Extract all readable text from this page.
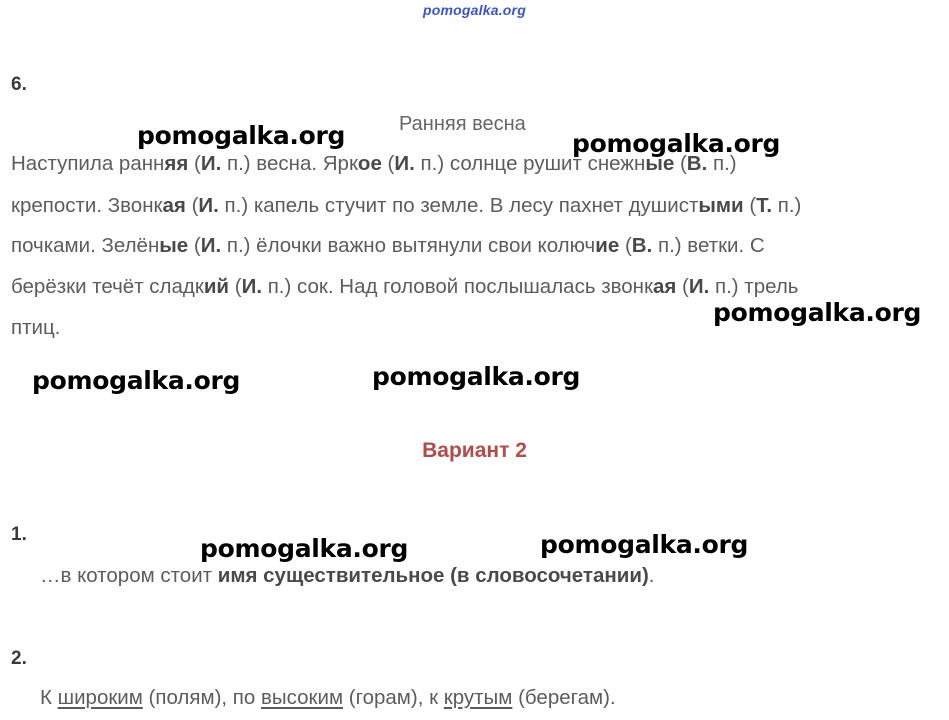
pomogalka.org
6.
Ранняя весна
Наступила ранняя (И. п.) весна. Яркое (И. п.) солнце рушит снежные (В. п.)
крепости. Звонкая (И. п.) капель стучит по земле. В лесу пахнет душистыми (Т. п.)
почками. Зелёные (И. п.) ёлочки важно вытянули свои колючие (В. п.) ветки. С
берёзки течёт сладкий (И. п.) сок. Над головой послышалась звонкая (И. п.) трель
птиц.
Вариант 2
1.
…в котором стоит имя существительное (в словосочетании).
2.
К широким (полям), по высоким (горам), к крутым (берегам).
pomogalka.org	pomogalka.org
pomogalka.org
pomogalka.org	pomogalka.org
pomogalka.org	pomogalka.org
